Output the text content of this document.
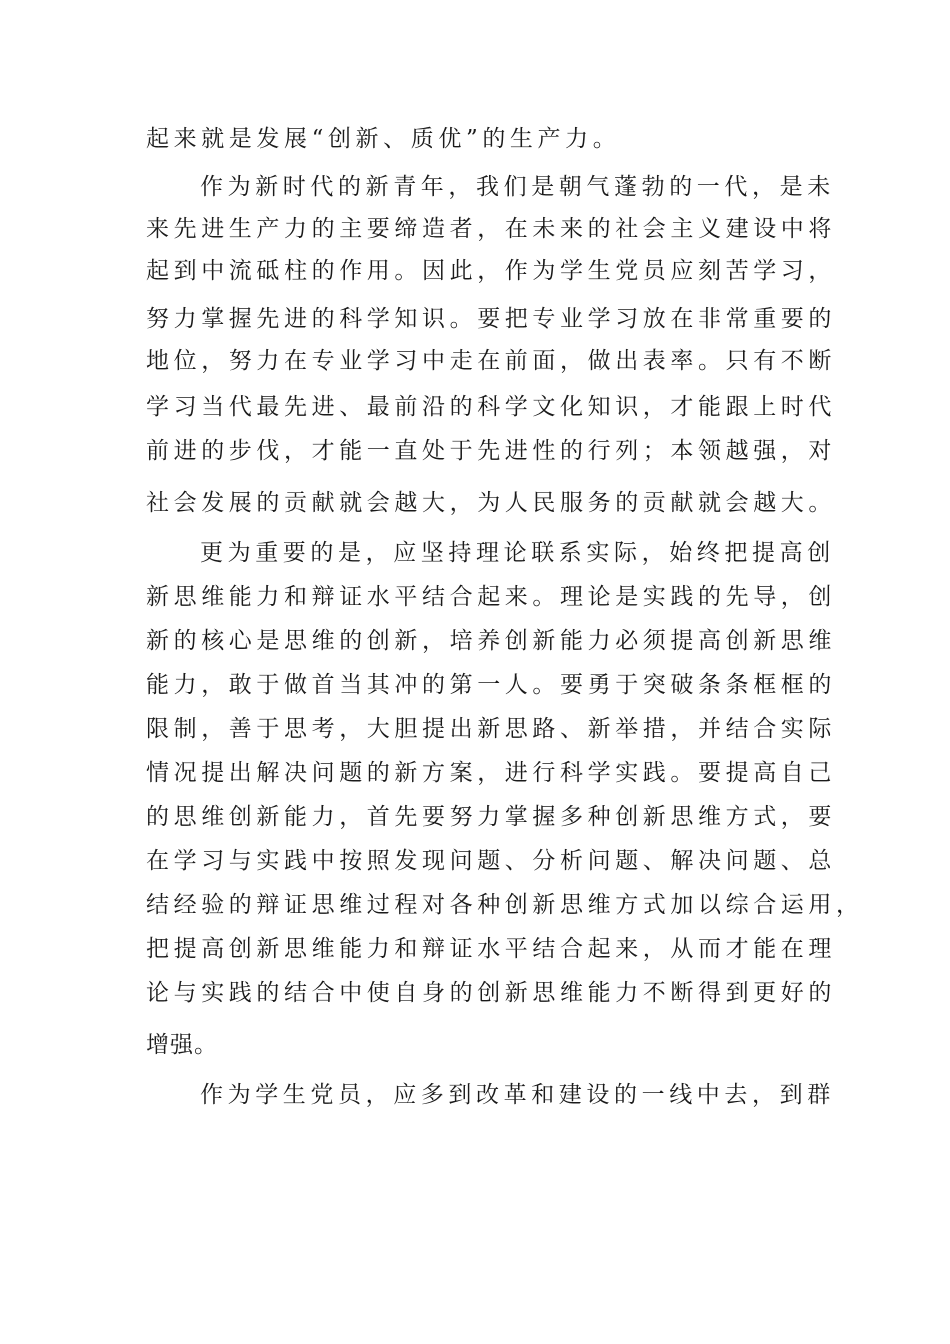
起来就是发展“创新、质优”的生产力。
作为新时代的新青年，我们是朝气蓬勃的一代，是未
来先进生产力的主要缔造者，在未来的社会主义建设中将
起到中流砥柱的作用。因此，作为学生党员应刻苦学习，
努力掌握先进的科学知识。要把专业学习放在非常重要的
地位，努力在专业学习中走在前面，做出表率。只有不断
学习当代最先进、最前沿的科学文化知识，才能跟上时代
前进的步伐，才能一直处于先进性的行列；本领越强，对
社会发展的贡献就会越大，为人民服务的贡献就会越大。
更为重要的是，应坚持理论联系实际，始终把提高创
新思维能力和辩证水平结合起来。理论是实践的先导，创
新的核心是思维的创新，培养创新能力必须提高创新思维
能力，敢于做首当其冲的第一人。要勇于突破条条框框的
限制，善于思考，大胆提出新思路、新举措，并结合实际
情况提出解决问题的新方案，进行科学实践。要提高自己
的思维创新能力，首先要努力掌握多种创新思维方式，要
在学习与实践中按照发现问题、分析问题、解决问题、总
结经验的辩证思维过程对各种创新思维方式加以综合运用，
把提高创新思维能力和辩证水平结合起来，从而才能在理
论与实践的结合中使自身的创新思维能力不断得到更好的
增强。
作为学生党员，应多到改革和建设的一线中去，到群
